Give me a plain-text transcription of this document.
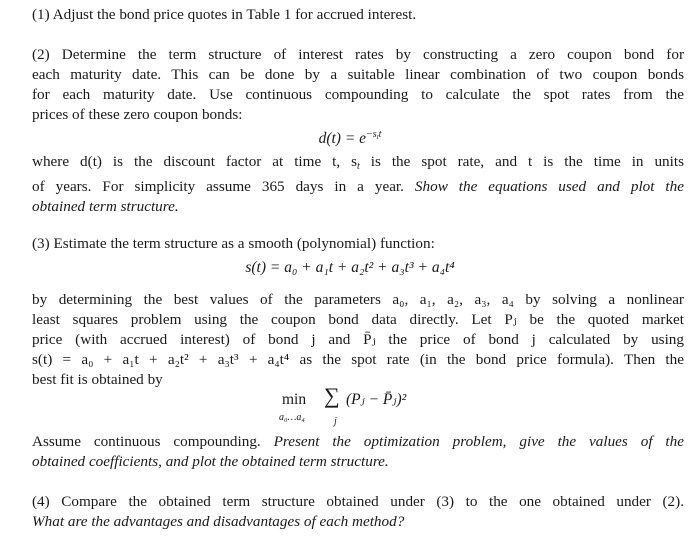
(1) Adjust the bond price quotes in Table 1 for accrued interest.
(2) Determine the term structure of interest rates by constructing a zero coupon bond for
each maturity date. This can be done by a suitable linear combination of two coupon bonds
for each maturity date. Use continuous compounding to calculate the spot rates from the
prices of these zero coupon bonds:
$d(t) = e^{-s_tt}$
where d(t) is the discount factor at time t, $s_t$ is the spot rate, and t is the time in units
of years. For simplicity assume 365 days in a year. Show the equations used and plot the
obtained term structure.
(3) Estimate the term structure as a smooth (polynomial) function:
s(t) = a₀ + a₁t + a₂t² + a₃t³ + a₄t⁴
by determining the best values of the parameters a₀, a₁, a₂, a₃, a₄ by solving a nonlinear
least squares problem using the coupon bond data directly. Let Pⱼ be the quoted market
price (with accrued interest) of bond j and P̄ⱼ the price of bond j calculated by using
s(t) = a₀ + a₁t + a₂t² + a₃t³ + a₄t⁴ as the spot rate (in the bond price formula). Then the
best fit is obtained by
min
a₀…a₄
∑
j
(Pⱼ − P̄ⱼ)²
Assume continuous compounding. Present the optimization problem, give the values of the
obtained coefficients, and plot the obtained term structure.
(4) Compare the obtained term structure obtained under (3) to the one obtained under (2).
What are the advantages and disadvantages of each method?
